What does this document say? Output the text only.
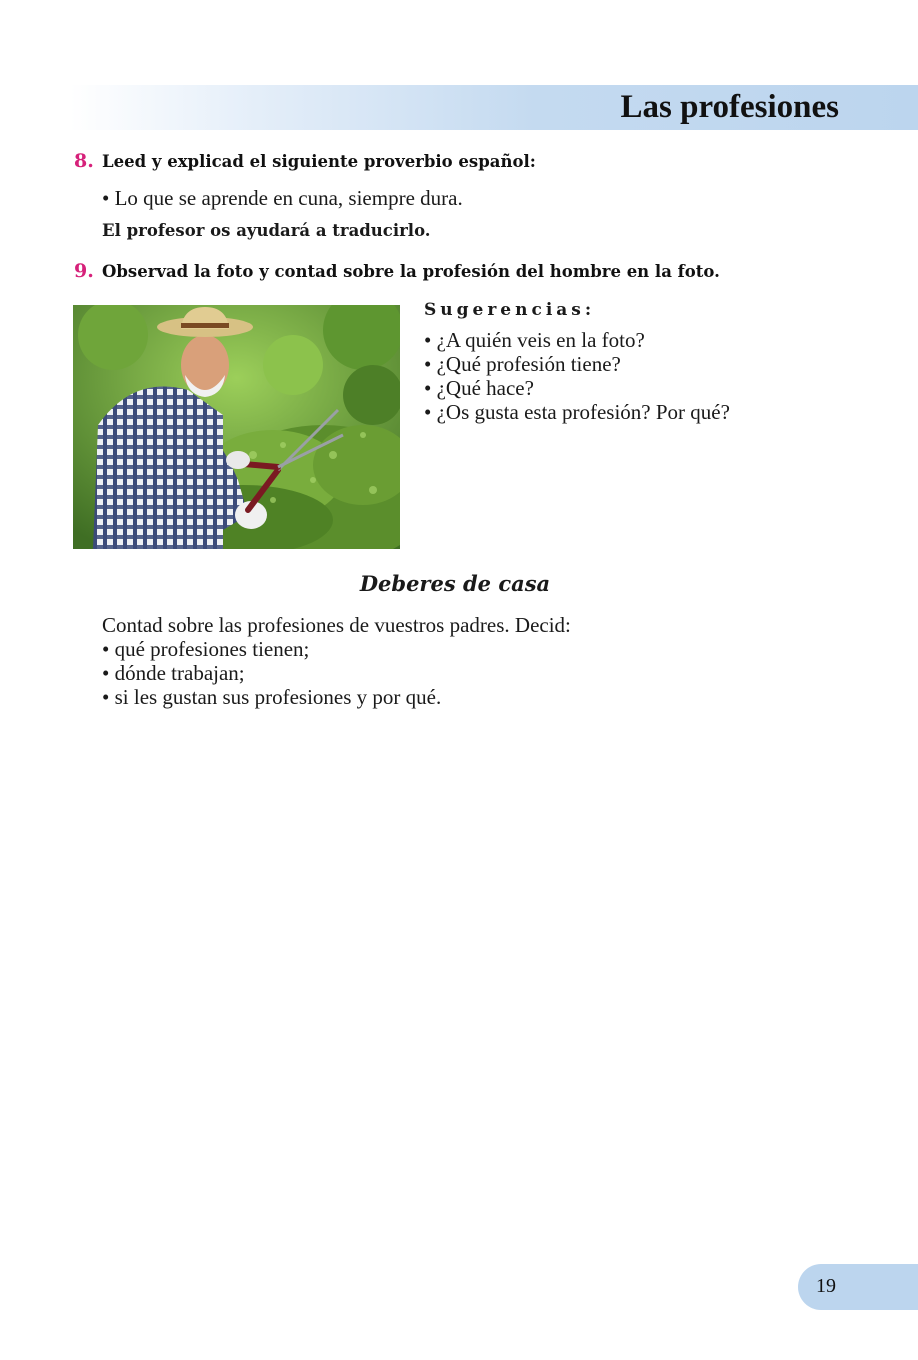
Las profesiones
8. Leed y explicad el siguiente proverbio español:
• Lo que se aprende en cuna, siempre dura.
El profesor os ayudará a traducirlo.
9. Observad la foto y contad sobre la profesión del hombre en la foto.
Sugerencias:
• ¿A quién veis en la foto?
• ¿Qué profesión tiene?
• ¿Qué hace?
• ¿Os gusta esta profesión? Por qué?
Deberes de casa
Contad sobre las profesiones de vuestros padres. Decid:
• qué profesiones tienen;
• dónde trabajan;
• si les gustan sus profesiones y por qué.
19
